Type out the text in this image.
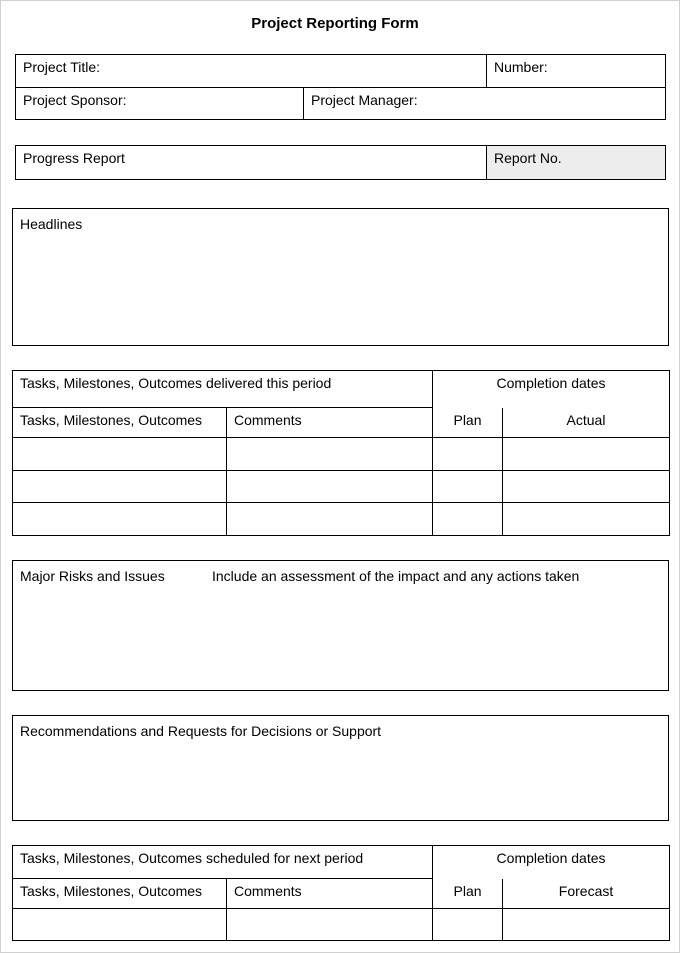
Project Reporting Form
Project Title:		Number:
Project Sponsor:	Project Manager:	
Progress Report	Report No.
Headlines
Tasks, Milestones, Outcomes delivered this period		Completion dates	
Tasks, Milestones, Outcomes	Comments	Plan	Actual

Major Risks and Issues	Include an assessment of the impact and any actions taken
Recommendations and Requests for Decisions or Support
Tasks, Milestones, Outcomes scheduled for next period		Completion dates	
Tasks, Milestones, Outcomes	Comments	Plan	Forecast
